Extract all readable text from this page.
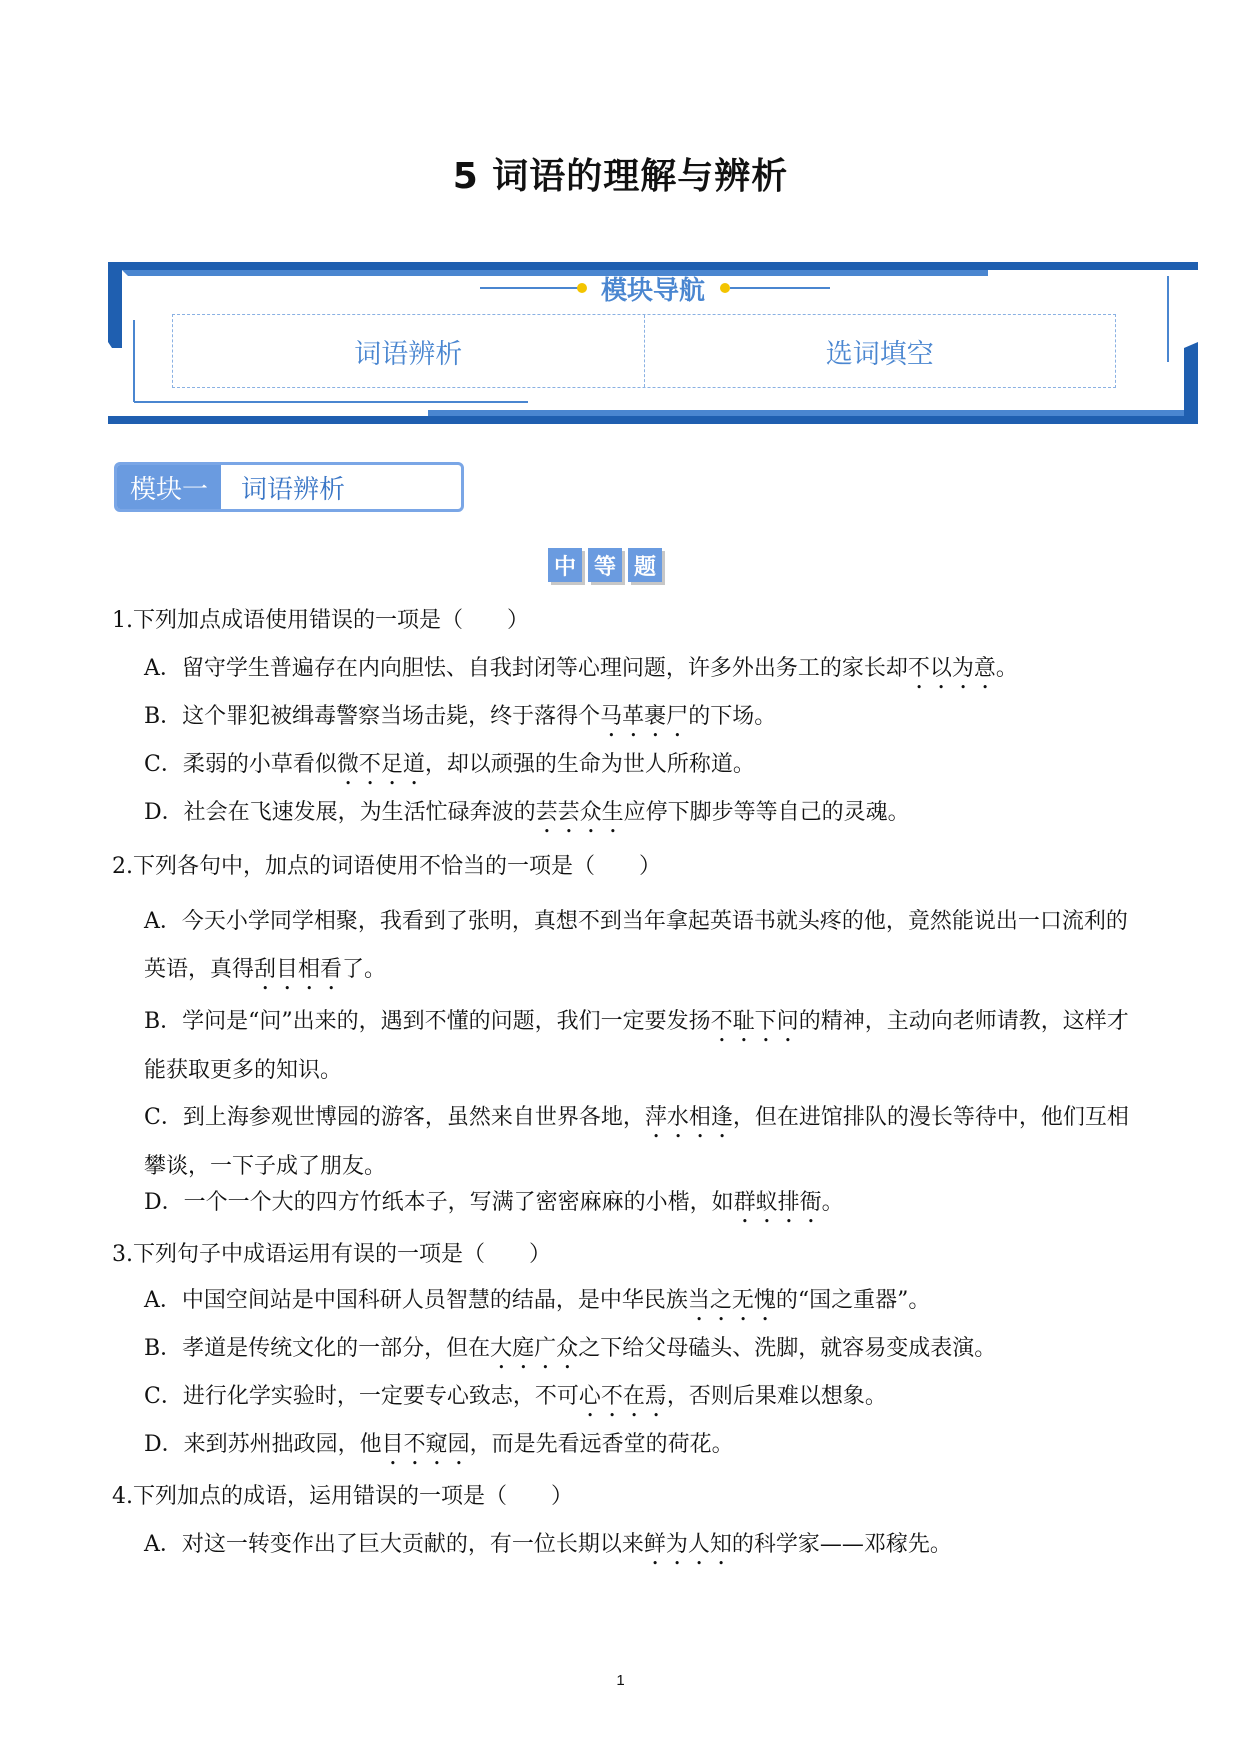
5 词语的理解与辨析
模块导航
词语辨析	选词填空
模块一	词语辨析
中 等 题
1.下列加点成语使用错误的一项是（　　）
A．留守学生普遍存在内向胆怯、自我封闭等心理问题，许多外出务工的家长却不以为意。
B．这个罪犯被缉毒警察当场击毙，终于落得个马革裹尸的下场。
C．柔弱的小草看似微不足道，却以顽强的生命为世人所称道。
D．社会在飞速发展，为生活忙碌奔波的芸芸众生应停下脚步等等自己的灵魂。
2.下列各句中，加点的词语使用不恰当的一项是（　　）
A．今天小学同学相聚，我看到了张明，真想不到当年拿起英语书就头疼的他，竟然能说出一口流利的英语，真得刮目相看了。
B．学问是“问”出来的，遇到不懂的问题，我们一定要发扬不耻下问的精神，主动向老师请教，这样才能获取更多的知识。
C．到上海参观世博园的游客，虽然来自世界各地，萍水相逢，但在进馆排队的漫长等待中，他们互相攀谈，一下子成了朋友。
D．一个一个大的四方竹纸本子，写满了密密麻麻的小楷，如群蚁排衙。
3.下列句子中成语运用有误的一项是（　　）
A．中国空间站是中国科研人员智慧的结晶，是中华民族当之无愧的“国之重器”。
B．孝道是传统文化的一部分，但在大庭广众之下给父母磕头、洗脚，就容易变成表演。
C．进行化学实验时，一定要专心致志，不可心不在焉，否则后果难以想象。
D．来到苏州拙政园，他目不窥园，而是先看远香堂的荷花。
4.下列加点的成语，运用错误的一项是（　　）
A．对这一转变作出了巨大贡献的，有一位长期以来鲜为人知的科学家——邓稼先。
1
